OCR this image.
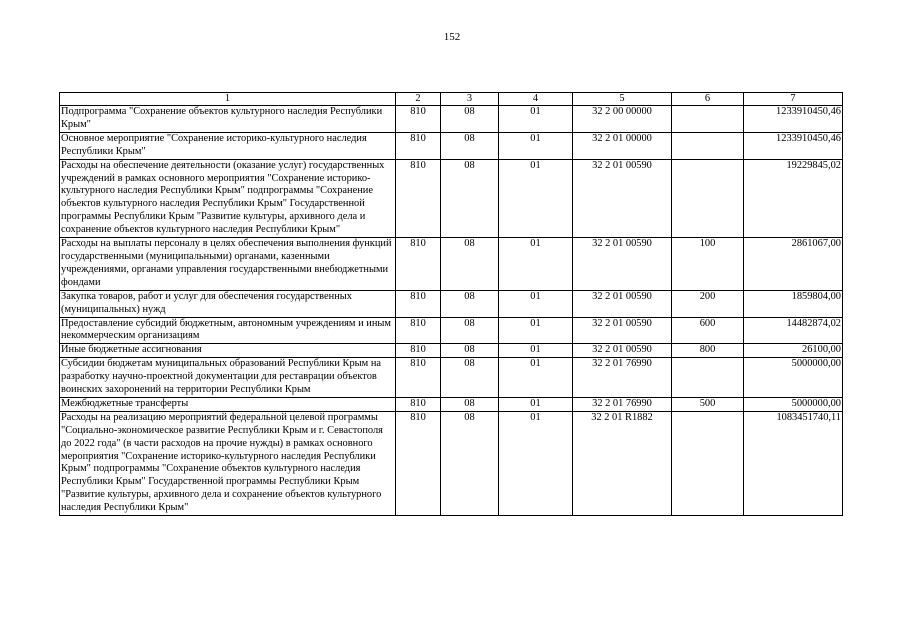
152
1	2	3	4	5	6	7
Подпрограмма "Сохранение объектов культурного наследия Республики Крым"	810	08	01	32 2 00 00000		1233910450,46
Основное мероприятие "Сохранение историко-культурного наследия Республики Крым"	810	08	01	32 2 01 00000		1233910450,46
Расходы на обеспечение деятельности (оказание услуг) государственных учреждений в рамках основного мероприятия "Сохранение историко-культурного наследия Республики Крым" подпрограммы "Сохранение объектов культурного наследия Республики Крым" Государственной программы Республики Крым "Развитие культуры, архивного дела и сохранение объектов культурного наследия Республики Крым"	810	08	01	32 2 01 00590		19229845,02
Расходы на выплаты персоналу в целях обеспечения выполнения функций государственными (муниципальными) органами, казенными учреждениями, органами управления государственными внебюджетными фондами	810	08	01	32 2 01 00590	100	2861067,00
Закупка товаров, работ и услуг для обеспечения государственных (муниципальных) нужд	810	08	01	32 2 01 00590	200	1859804,00
Предоставление субсидий бюджетным, автономным учреждениям и иным некоммерческим организациям	810	08	01	32 2 01 00590	600	14482874,02
Иные бюджетные ассигнования	810	08	01	32 2 01 00590	800	26100,00
Субсидии бюджетам муниципальных образований Республики Крым на разработку научно-проектной документации для реставрации объектов воинских захоронений на территории Республики Крым	810	08	01	32 2 01 76990		5000000,00
Межбюджетные трансферты	810	08	01	32 2 01 76990	500	5000000,00
Расходы на реализацию мероприятий федеральной целевой программы "Социально-экономическое развитие Республики Крым и г. Севастополя до 2022 года" (в части расходов на прочие нужды) в рамках основного мероприятия "Сохранение историко-культурного наследия Республики Крым" подпрограммы "Сохранение объектов культурного наследия Республики Крым" Государственной программы Республики Крым "Развитие культуры, архивного дела и сохранение объектов культурного наследия Республики Крым"	810	08	01	32 2 01 R1882		1083451740,11
